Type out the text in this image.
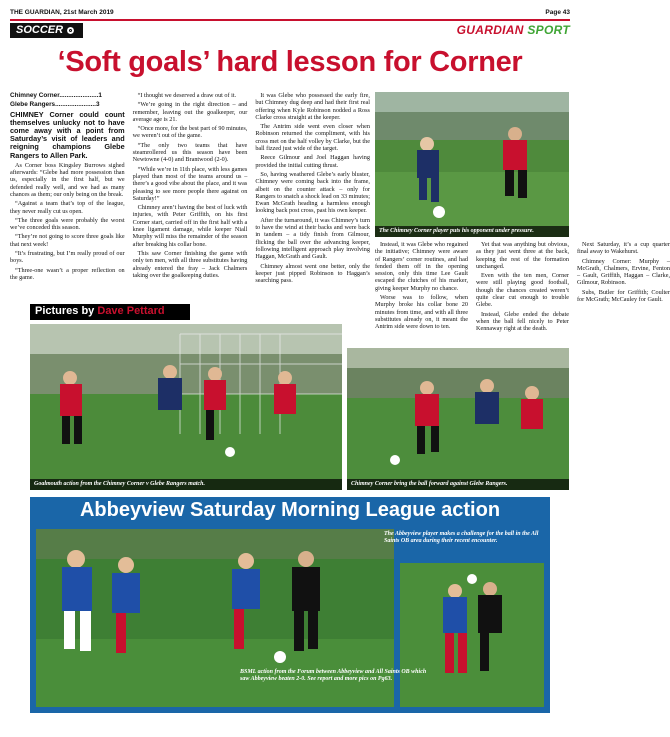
THE GUARDIAN, 21st March 2019	Page 43
SOCCER	GUARDIAN SPORT
‘Soft goals’ hard lesson for Corner

Chimney Corner......................1

Glebe Rangers.......................3

CHIMNEY Corner could count themselves unlucky not to have come away with a point from Saturday’s visit of leaders and reigning champions Glebe Rangers to Allen Park.

As Corner boss Kingsley Burrows sighed afterwards: “Glebe had more possession than us, especially in the first half, but we defended really well, and we had as many chances as them; our only being on the break.

“Against a team that’s top of the league, they never really cut us open.

“The three goals were probably the worst we’ve conceded this season.

“They’re not going to score three goals like that next week!

“It’s frustrating, but I’m really proud of our boys.

“Three-one wasn’t a proper reflection on the game.

“I thought we deserved a draw out of it.

“We’re going in the right direction – and remember, leaving out the goalkeeper, our average age is 21.

“Once more, for the best part of 90 minutes, we weren’t out of the game.

“The only two teams that have steamrollered us this season have been Newtowne (4-0) and Brantwood (2-0).

“While we’re in 11th place, with less games played than most of the teams around us – there’s a good vibe about the place, and it was pleasing to see more people there against on Saturday!”

Chimney aren’t having the best of luck with injuries, with Peter Griffith, on his first Corner start, carried off in the first half with a knee ligament damage, while keeper Niall Murphy will miss the remainder of the season after breaking his collar bone.

This saw Corner finishing the game with only ten men, with all three substitutes having already entered the fray – Jack Chalmers taking over the goalkeeping duties.

It was Glebe who possessed the early fire, but Chimney dug deep and had their first real offering when Kyle Robinson nodded a Ross Clarke cross straight at the keeper.

The Antrim side went even closer when Robinson returned the compliment, with his cross met on the half volley by Clarke, but the ball fizzed just wide of the target.

Reece Gilmour and Joel Haggan having provided the initial cutting thrust.

So, having weathered Glebe’s early bluster, Chimney were coming back into the frame, albeit on the counter attack – only for Rangers to snatch a shock lead on 33 minutes; Ewan McGrath heading a harmless enough looking back post cross, past his own keeper.

After the turnaround, it was Chimney’s turn to have the wind at their backs and were back in tandem – a tidy finish from Gilmour, flicking the ball over the advancing keeper, following intelligent approach play involving Haggan, McGrath and Gault.

Chimney almost went one better, only the keeper just pipped Robinson to Haggan’s searching pass.

The Chimney Corner player puts his opponent under pressure.

Instead, it was Glebe who regained the initiative; Chimney were aware of Rangers’ corner routines, and had fended them off in the opening session, only this time Lee Gault escaped the clutches of his marker, giving keeper Murphy no chance.

Worse was to follow, when Murphy broke his collar bone 20 minutes from time, and with all three substitutes already on, it meant the Antrim side were down to ten.

Yet that was anything but obvious, as they just went three at the back, keeping the rest of the formation unchanged.

Even with the ten men, Corner were still playing good football, though the chances created weren’t quite clear cut enough to trouble Glebe.

Instead, Glebe ended the debate when the ball fell nicely to Peter Kennaway right at the death.

Next Saturday, it’s a cup quarter final away to Wakehurst.

Chimney Corner: Murphy – McGrath, Chalmers, Ervine, Fenton – Gault, Griffith, Haggan – Clarke, Gilmour, Robinson.

Subs, Butler for Griffith; Coulter for McGrath; McCauley for Gault.

Pictures by Dave Pettard
Goalmouth action from the Chimney Corner v Glebe Rangers match.	Chimney Corner bring the ball forward against Glebe Rangers.
Abbeyview Saturday Morning League action
BSML action from the Forum between Abbeyview and All Saints OB which saw Abbeyview beaten 2-0. See report and more pics on Pg63.
The Abbeyview player makes a challenge for the ball in the All Saints OB area during their recent encounter.
